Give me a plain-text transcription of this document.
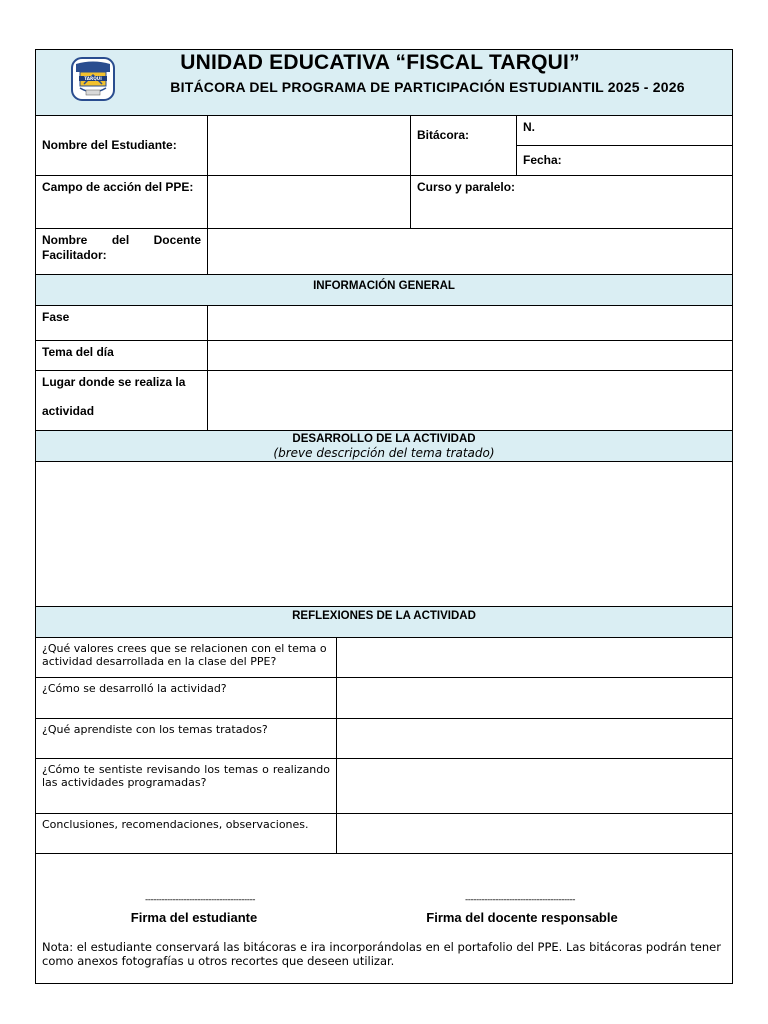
TARQUI
UNIDAD EDUCATIVA “FISCAL TARQUI”
BITÁCORA DEL PROGRAMA DE PARTICIPACIÓN ESTUDIANTIL 2025 - 2026
Nombre del Estudiante:
Bitácora:
N.
Fecha:
Campo de acción del PPE:	Curso y paralelo:
Nombre del Docente Facilitador:
INFORMACIÓN GENERAL
Fase
Tema del día
Lugar donde se realiza la
actividad
DESARROLLO DE LA ACTIVIDAD
(breve descripción del tema tratado)
REFLEXIONES DE LA ACTIVIDAD
¿Qué valores crees que se relacionen con el tema o actividad desarrollada en la clase del PPE?
¿Cómo se desarrolló la actividad?
¿Qué aprendiste con los temas tratados?
¿Cómo te sentiste revisando los temas o realizando las actividades programadas?
Conclusiones, recomendaciones, observaciones.
----------------------------------------
Firma del estudiante
----------------------------------------
Firma del docente responsable
Nota: el estudiante conservará las bitácoras e ira incorporándolas en el portafolio del PPE. Las bitácoras podrán tener como anexos fotografías u otros recortes que deseen utilizar.
